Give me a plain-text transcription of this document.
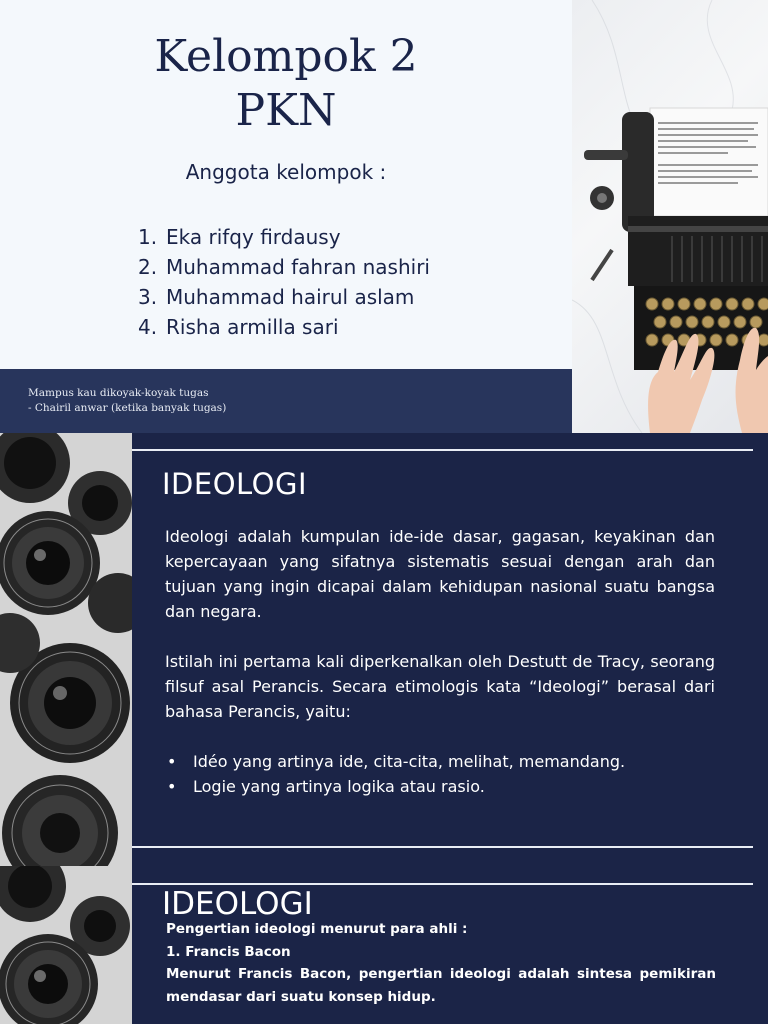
Kelompok 2
PKN
Anggota kelompok :
1. Eka rifqy firdausy
2. Muhammad fahran nashiri
3. Muhammad hairul aslam
4. Risha armilla sari
Mampus kau dikoyak-koyak tugas
- Chairil anwar (ketika banyak tugas)
IDEOLOGI

Ideologi adalah kumpulan ide-ide dasar, gagasan, keyakinan dan kepercayaan yang sifatnya sistematis sesuai dengan arah dan tujuan yang ingin dicapai dalam kehidupan nasional suatu bangsa dan negara.

Istilah ini pertama kali diperkenalkan oleh Destutt de Tracy, seorang filsuf asal Perancis. Secara etimologis kata “Ideologi” berasal dari bahasa Perancis, yaitu:

• Idéo yang artinya ide, cita-cita, melihat, memandang.
• Logie yang artinya logika atau rasio.
IDEOLOGI
Pengertian ideologi menurut para ahli :
1. Francis Bacon

Menurut Francis Bacon, pengertian ideologi adalah sintesa pemikiran mendasar dari suatu konsep hidup.
